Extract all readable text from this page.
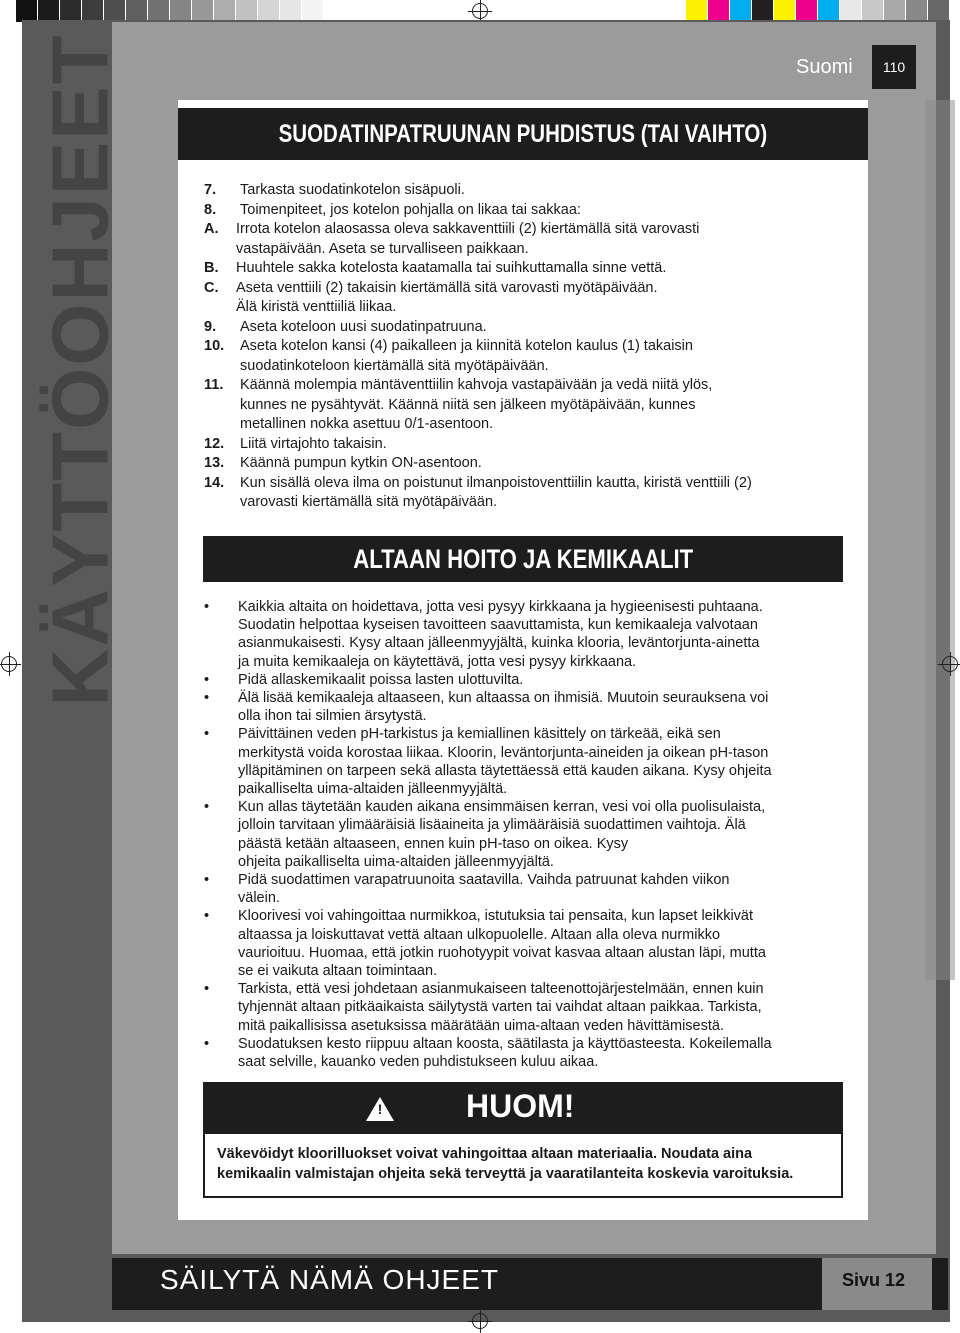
KÄYTTÖOHJEET	Suomi	110
SUODATINPATRUUNAN PUHDISTUS (TAI VAIHTO)
7. Tarkasta suodatinkotelon sisäpuoli.
8. Toimenpiteet, jos kotelon pohjalla on likaa tai sakkaa:
A. Irrota kotelon alaosassa oleva sakkaventtiili (2) kiertämällä sitä varovasti
vastapäivään. Aseta se turvalliseen paikkaan.
B. Huuhtele sakka kotelosta kaatamalla tai suihkuttamalla sinne vettä.
C. Aseta venttiili (2) takaisin kiertämällä sitä varovasti myötäpäivään.
Älä kiristä venttiiliä liikaa.
9. Aseta koteloon uusi suodatinpatruuna.
10. Aseta kotelon kansi (4) paikalleen ja kiinnitä kotelon kaulus (1) takaisin
suodatinkoteloon kiertämällä sitä myötäpäivään.
11. Käännä molempia mäntäventtiilin kahvoja vastapäivään ja vedä niitä ylös,
kunnes ne pysähtyvät. Käännä niitä sen jälkeen myötäpäivään, kunnes
metallinen nokka asettuu 0/1-asentoon.
12. Liitä virtajohto takaisin.
13. Käännä pumpun kytkin ON-asentoon.
14. Kun sisällä oleva ilma on poistunut ilmanpoistoventtiilin kautta, kiristä venttiili (2)
varovasti kiertämällä sitä myötäpäivään.
ALTAAN HOITO JA KEMIKAALIT
• Kaikkia altaita on hoidettava, jotta vesi pysyy kirkkaana ja hygieenisesti puhtaana.
Suodatin helpottaa kyseisen tavoitteen saavuttamista, kun kemikaaleja valvotaan
asianmukaisesti. Kysy altaan jälleenmyyjältä, kuinka klooria, leväntorjunta-ainetta
ja muita kemikaaleja on käytettävä, jotta vesi pysyy kirkkaana.
• Pidä allaskemikaalit poissa lasten ulottuvilta.
• Älä lisää kemikaaleja altaaseen, kun altaassa on ihmisiä. Muutoin seurauksena voi
olla ihon tai silmien ärsytystä.
• Päivittäinen veden pH-tarkistus ja kemiallinen käsittely on tärkeää, eikä sen
merkitystä voida korostaa liikaa. Kloorin, leväntorjunta-aineiden ja oikean pH-tason
ylläpitäminen on tarpeen sekä allasta täytettäessä että kauden aikana. Kysy ohjeita
paikalliselta uima-altaiden jälleenmyyjältä.
• Kun allas täytetään kauden aikana ensimmäisen kerran, vesi voi olla puolisulaista,
jolloin tarvitaan ylimääräisiä lisäaineita ja ylimääräisiä suodattimen vaihtoja. Älä
päästä ketään altaaseen, ennen kuin pH-taso on oikea. Kysy
ohjeita paikalliselta uima-altaiden jälleenmyyjältä.
• Pidä suodattimen varapatruunoita saatavilla. Vaihda patruunat kahden viikon
välein.
• Kloorivesi voi vahingoittaa nurmikkoa, istutuksia tai pensaita, kun lapset leikkivät
altaassa ja loiskuttavat vettä altaan ulkopuolelle. Altaan alla oleva nurmikko
vaurioituu. Huomaa, että jotkin ruohotyypit voivat kasvaa altaan alustan läpi, mutta
se ei vaikuta altaan toimintaan.
• Tarkista, että vesi johdetaan asianmukaiseen talteenottojärjestelmään, ennen kuin
tyhjennät altaan pitkäaikaista säilytystä varten tai vaihdat altaan paikkaa. Tarkista,
mitä paikallisissa asetuksissa määrätään uima-altaan veden hävittämisestä.
• Suodatuksen kesto riippuu altaan koosta, säätilasta ja käyttöasteesta. Kokeilemalla
saat selville, kauanko veden puhdistukseen kuluu aikaa.
!	HUOM!
Väkevöidyt kloorilluokset voivat vahingoittaa altaan materiaalia. Noudata aina
kemikaalin valmistajan ohjeita sekä terveyttä ja vaaratilanteita koskevia varoituksia.
SÄILYTÄ NÄMÄ OHJEET	Sivu 12
